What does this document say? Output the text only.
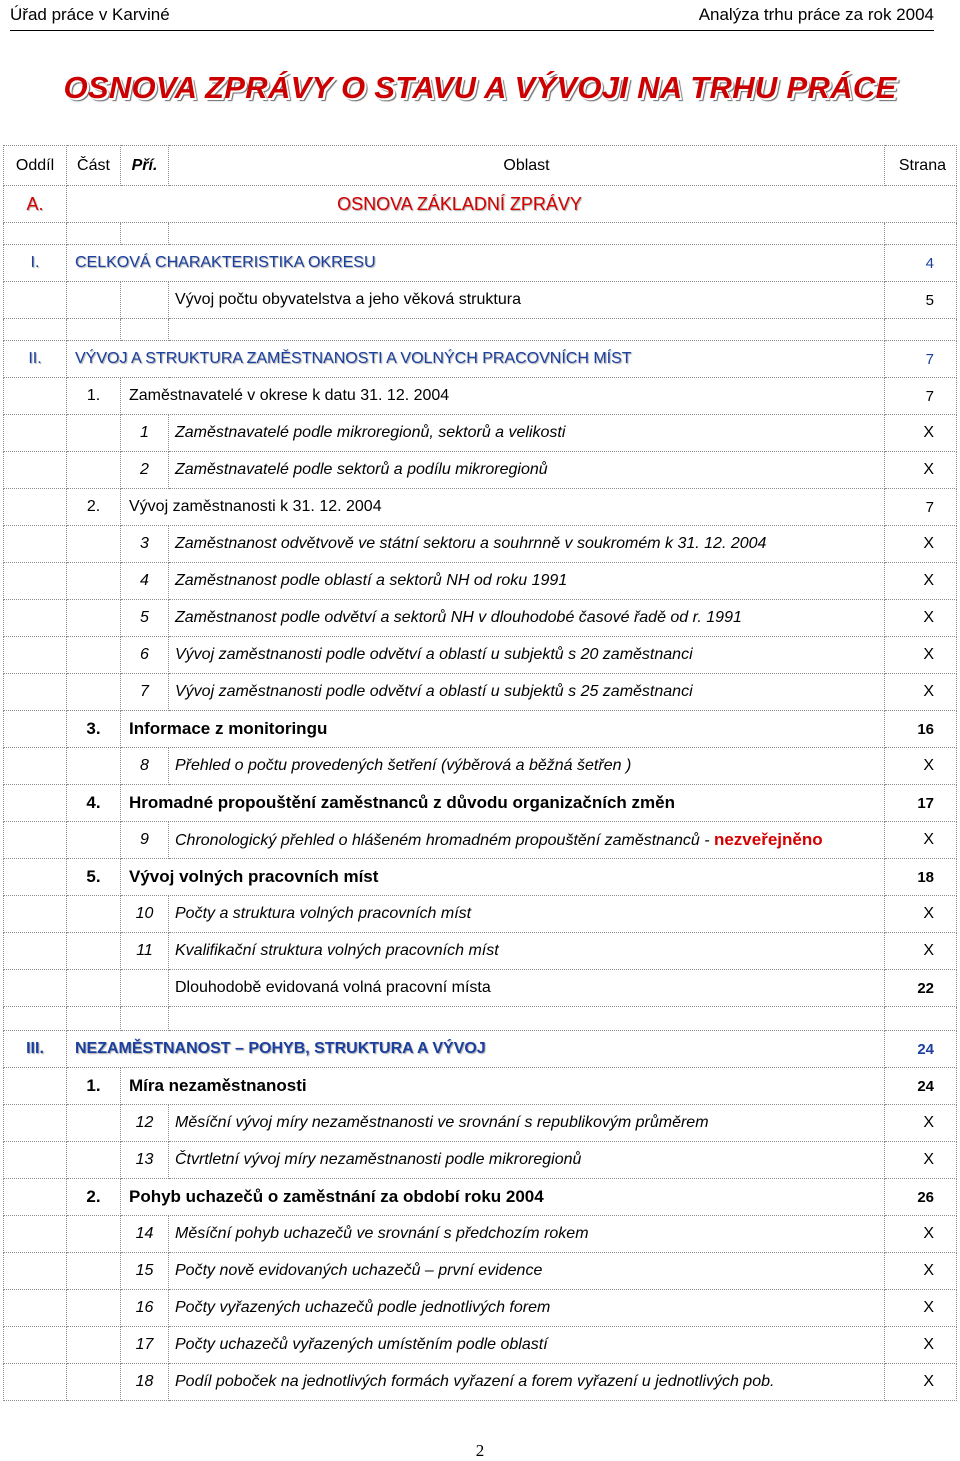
Úřad práce v Karviné	Analýza trhu práce za rok 2004
OSNOVA ZPRÁVY O STAVU A VÝVOJI NA TRHU PRÁCE
Oddíl	Část	Pří.	Oblast	Strana
A.	OSNOVA ZÁKLADNÍ ZPRÁVY			

I.	CELKOVÁ CHARAKTERISTIKA OKRESU			4
			Vývoj počtu obyvatelstva a jeho věková struktura	5

II.	VÝVOJ A STRUKTURA ZAMĚSTNANOSTI A VOLNÝCH PRACOVNÍCH MÍST			7
	1.	Zaměstnavatelé v okrese k datu 31. 12. 2004		7
		1	Zaměstnavatelé podle mikroregionů, sektorů a velikosti	X
		2	Zaměstnavatelé podle sektorů a podílu mikroregionů	X
	2.	Vývoj zaměstnanosti k 31. 12. 2004		7
		3	Zaměstnanost odvětvově ve státní sektoru a souhrnně v soukromém k 31. 12. 2004	X
		4	Zaměstnanost podle oblastí a sektorů NH od roku 1991	X
		5	Zaměstnanost podle odvětví a sektorů NH v dlouhodobé časové řadě od r. 1991	X
		6	Vývoj zaměstnanosti podle odvětví a oblastí u subjektů s 20 zaměstnanci	X
		7	Vývoj zaměstnanosti podle odvětví a oblastí u subjektů s 25 zaměstnanci	X
	3.	Informace z monitoringu		16
		8	Přehled o počtu provedených šetření (výběrová a běžná šetřen )	X
	4.	Hromadné propouštění zaměstnanců z důvodu organizačních změn		17
		9	Chronologický přehled o hlášeném hromadném propouštění zaměstnanců - nezveřejněno	X
	5.	Vývoj volných pracovních míst		18
		10	Počty a struktura volných pracovních míst	X
		11	Kvalifikační struktura volných pracovních míst	X
			Dlouhodobě evidovaná volná pracovní místa	22

III.	NEZAMĚSTNANOST – POHYB, STRUKTURA A VÝVOJ			24
	1.	Míra nezaměstnanosti		24
		12	Měsíční vývoj míry nezaměstnanosti ve srovnání s republikovým průměrem	X
		13	Čtvrtletní vývoj míry nezaměstnanosti podle mikroregionů	X
	2.	Pohyb uchazečů o zaměstnání za období roku 2004		26
		14	Měsíční pohyb uchazečů ve srovnání s předchozím rokem	X
		15	Počty nově evidovaných uchazečů – první evidence	X
		16	Počty vyřazených uchazečů podle jednotlivých forem	X
		17	Počty uchazečů vyřazených umístěním podle oblastí	X
		18	Podíl poboček na jednotlivých formách vyřazení a forem vyřazení u jednotlivých pob.	X
2
